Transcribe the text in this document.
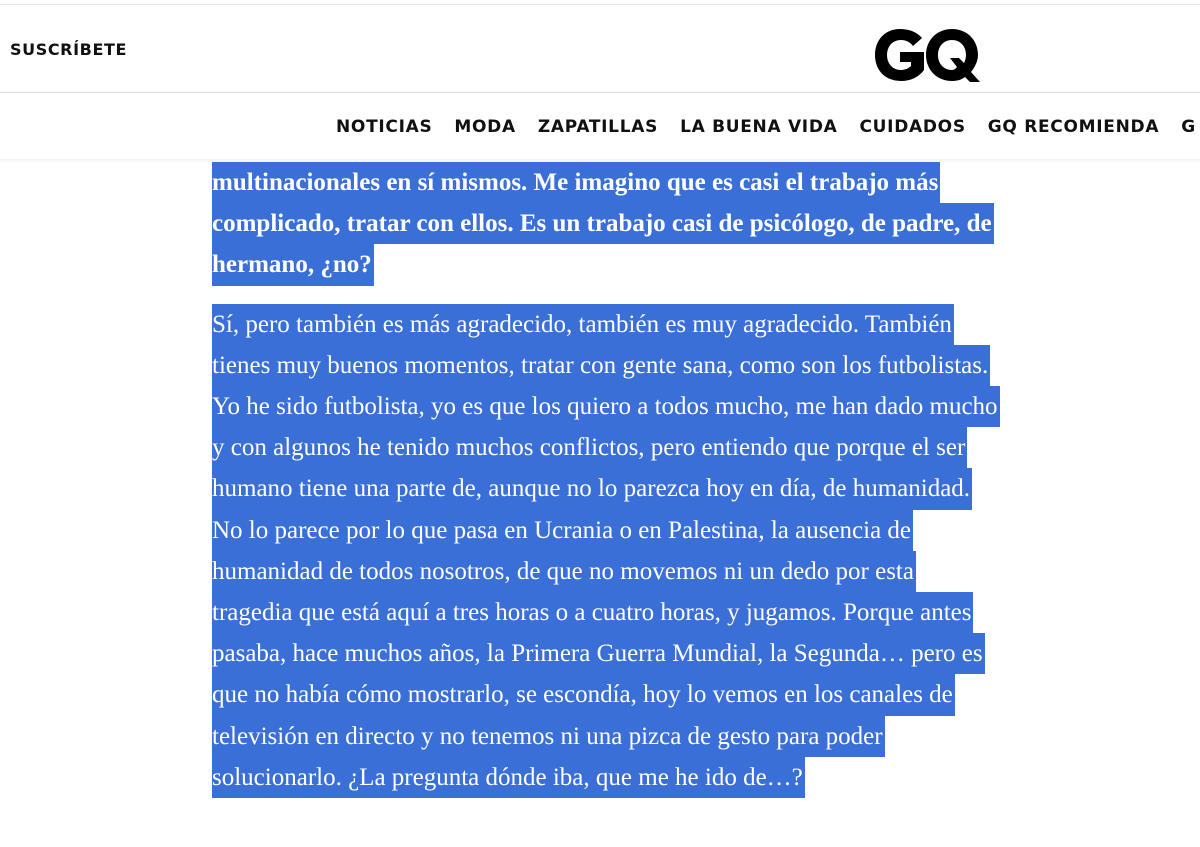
SUSCRÍBETE
NOTICIAS MODA ZAPATILLAS LA BUENA VIDA CUIDADOS GQ RECOMIENDA G
multinacionales en sí mismos. Me imagino que es casi el trabajo más
complicado, tratar con ellos. Es un trabajo casi de psicólogo, de padre, de
hermano, ¿no?
Sí, pero también es más agradecido, también es muy agradecido. También
tienes muy buenos momentos, tratar con gente sana, como son los futbolistas.
Yo he sido futbolista, yo es que los quiero a todos mucho, me han dado mucho
y con algunos he tenido muchos conflictos, pero entiendo que porque el ser
humano tiene una parte de, aunque no lo parezca hoy en día, de humanidad.
No lo parece por lo que pasa en Ucrania o en Palestina, la ausencia de
humanidad de todos nosotros, de que no movemos ni un dedo por esta
tragedia que está aquí a tres horas o a cuatro horas, y jugamos. Porque antes
pasaba, hace muchos años, la Primera Guerra Mundial, la Segunda… pero es
que no había cómo mostrarlo, se escondía, hoy lo vemos en los canales de
televisión en directo y no tenemos ni una pizca de gesto para poder
solucionarlo. ¿La pregunta dónde iba, que me he ido de…?
